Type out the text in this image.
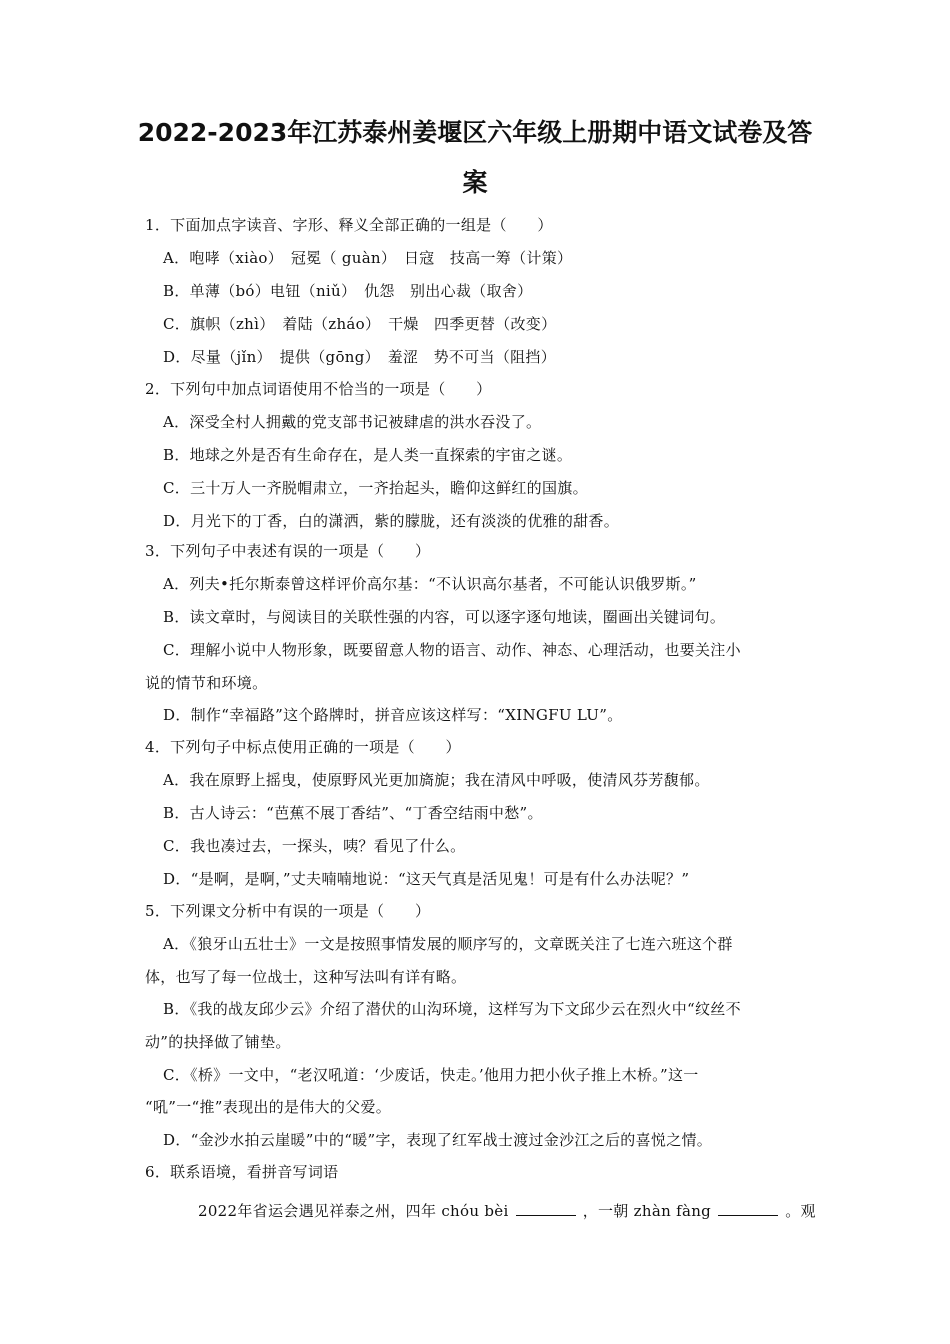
2022-2023年江苏泰州姜堰区六年级上册期中语文试卷及答
案
1．下面加点字读音、字形、释义全部正确的一组是（　　）
A．咆哮（xiào）　冠冕（ guàn）　日寇　技高一筹（计策）
B．单薄（bó）电钮（niǔ）　仇怨　别出心裁（取舍）
C．旗帜（zhì）　着陆（zháo）　干燥　四季更替（改变）
D．尽量（jǐn）　提供（gōng）　羞涩　势不可当（阻挡）
2．下列句中加点词语使用不恰当的一项是（　　）
A．深受全村人拥戴的党支部书记被肆虐的洪水吞没了。
B．地球之外是否有生命存在，是人类一直探索的宇宙之谜。
C．三十万人一齐脱帽肃立，一齐抬起头，瞻仰这鲜红的国旗。
D．月光下的丁香，白的潇洒，紫的朦胧，还有淡淡的优雅的甜香。
3．下列句子中表述有误的一项是（　　）
A．列夫•托尔斯泰曾这样评价高尔基：“不认识高尔基者，不可能认识俄罗斯。”
B．读文章时，与阅读目的关联性强的内容，可以逐字逐句地读，圈画出关键词句。
C．理解小说中人物形象，既要留意人物的语言、动作、神态、心理活动，也要关注小
说的情节和环境。
D．制作“幸福路”这个路牌时，拼音应该这样写：“XINGFU LU”。
4．下列句子中标点使用正确的一项是（　　）
A．我在原野上摇曳，使原野风光更加旖旎；我在清风中呼吸，使清风芬芳馥郁。
B．古人诗云：“芭蕉不展丁香结”、“丁香空结雨中愁”。
C．我也凑过去，一探头，咦？看见了什么。
D．“是啊，是啊，”丈夫喃喃地说：“这天气真是活见鬼！可是有什么办法呢？”
5．下列课文分析中有误的一项是（　　）
A．《狼牙山五壮士》一文是按照事情发展的顺序写的，文章既关注了七连六班这个群
体，也写了每一位战士，这种写法叫有详有略。
B．《我的战友邱少云》介绍了潜伏的山沟环境，这样写为下文邱少云在烈火中“纹丝不
动”的抉择做了铺垫。
C．《桥》一文中，“老汉吼道：‘少废话，快走。’他用力把小伙子推上木桥。”这一
“吼”一“推”表现出的是伟大的父爱。
D．“金沙水拍云崖暖”中的“暖”字，表现了红军战士渡过金沙江之后的喜悦之情。
6．联系语境，看拼音写词语
2022年省运会遇见祥泰之州，四年 chóu bèi	，一朝 zhàn fàng	。观
